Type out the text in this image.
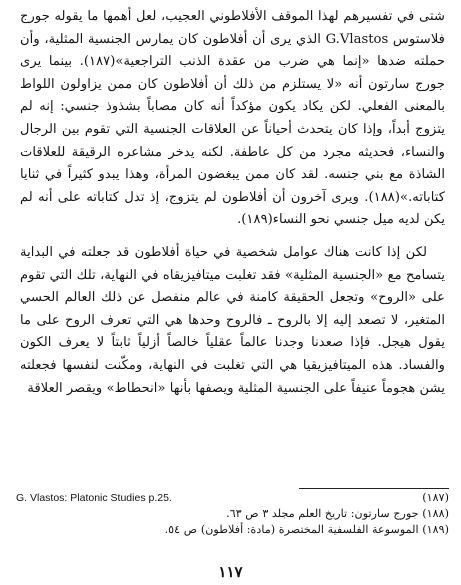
شتى في تفسيرهم لهذا الموقف الأفلاطوني العجيب، لعل أهمها ما يقوله جورج فلاستوس G.Vlastos الذي يرى أن أفلاطون كان يمارس الجنسية المثلية، وأن حملته ضدها «إنما هي ضرب من عقدة الذنب التراجعية»(١٨٧). بينما يرى جورج سارتون أنه «لا يستلزم من ذلك أن أفلاطون كان ممن يزاولون اللواط بالمعنى الفعلي. لكن يكاد يكون مؤكداً أنه كان مصاباً بشذوذ جنسي: إنه لم يتزوج أبداً، وإذا كان يتحدث أحياناً عن العلاقات الجنسية التي تقوم بين الرجال والنساء، فحديثه مجرد من كل عاطفة. لكنه يدخر مشاعره الرقيقة للعلاقات الشاذة مع بني جنسه. لقد كان ممن يبغضون المرأة، وهذا يبدو كثيراً في ثنايا كتاباته.»(١٨٨). ويرى آخرون أن أفلاطون لم يتزوج، إذ تدل كتاباته على أنه لم يكن لديه ميل جنسي نحو النساء(١٨٩).

لكن إذا كانت هناك عوامل شخصية في حياة أفلاطون قد جعلته في البداية يتسامح مع «الجنسية المثلية» فقد تغلبت ميتافيزيقاه في النهاية، تلك التي تقوم على «الروح» وتجعل الحقيقة كامنة في عالم منفصل عن ذلك العالم الحسي المتغير، لا تصعد إليه إلا بالروح ـ فالروح وحدها هي التي تعرف الروح على ما يقول هيجل. فإذا صعدنا وجدنا عالماً عقلياً خالصاً أزلياً ثابتاً لا يعرف الكون والفساد. هذه الميتافيزيقيا هي التي تغلبت في النهاية، ومكّنت لنفسها فجعلته يشن هجوماً عنيفاً على الجنسية المثلية ويصفها بأنها «انحطاط» ويقصر العلاقة

(١٨٧)
G. Vlastos: Platonic Studies p.25.
(١٨٨) جورج سارتون: تاريخ العلم مجلد ٣ ص ٦٣.
(١٨٩) الموسوعة الفلسفية المختصرة (مادة: أفلاطون) ص ٥٤.
١١٧
